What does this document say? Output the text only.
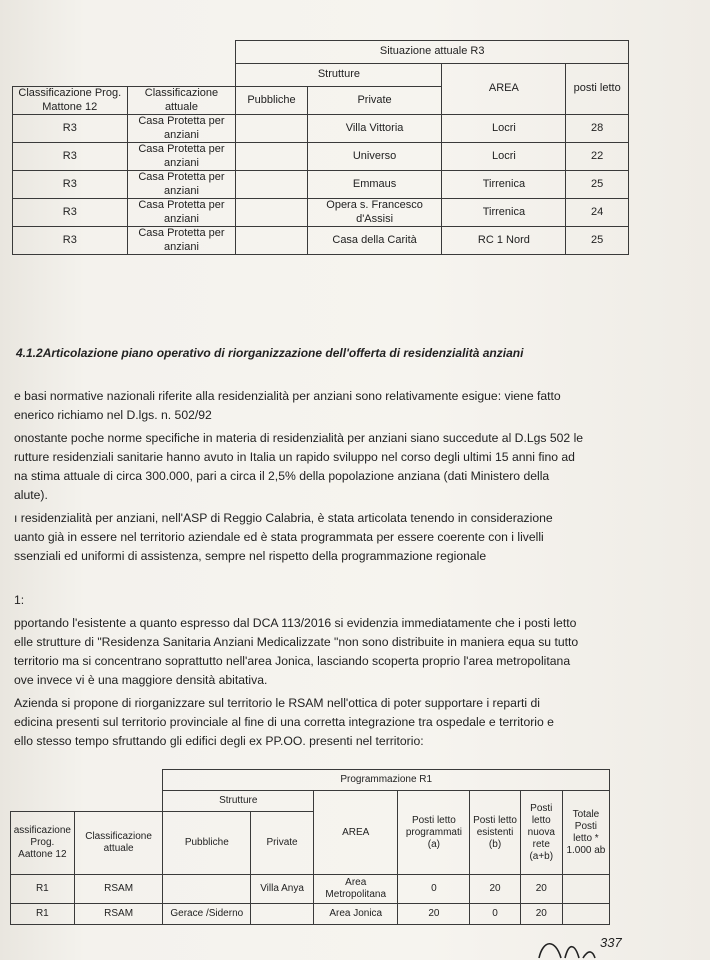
		Situazione attuale R3			
		Strutture		AREA	posti letto
Classificazione Prog. Mattone 12	Classificazione attuale	Pubbliche	Private		
R3	Casa Protetta per anziani		Villa Vittoria	Locri	28
R3	Casa Protetta per anziani		Universo	Locri	22
R3	Casa Protetta per anziani		Emmaus	Tirrenica	25
R3	Casa Protetta per anziani		Opera s. Francesco d'Assisi	Tirrenica	24
R3	Casa Protetta per anziani		Casa della Carità	RC 1 Nord	25
4.1.2Articolazione piano operativo di riorganizzazione dell'offerta di residenzialità anziani

e basi normative nazionali riferite alla residenzialità per anziani sono relativamente esigue: viene fatto

enerico richiamo nel D.lgs. n. 502/92

onostante poche norme specifiche in materia di residenzialità per anziani siano succedute al D.Lgs 502 le

rutture residenziali sanitarie hanno avuto in Italia un rapido sviluppo nel corso degli ultimi 15 anni fino ad

na stima attuale di circa 300.000, pari a circa il 2,5% della popolazione anziana (dati Ministero della

alute).

ı residenzialità per anziani, nell'ASP di Reggio Calabria, è stata articolata tenendo in considerazione

uanto già in essere nel territorio aziendale ed è stata programmata per essere coerente con i livelli

ssenziali ed uniformi di assistenza, sempre nel rispetto della programmazione regionale

1:

pportando l'esistente a quanto espresso dal DCA 113/2016 si evidenzia immediatamente che i posti letto

elle strutture di "Residenza Sanitaria Anziani Medicalizzate "non sono distribuite in maniera equa su tutto

territorio ma si concentrano soprattutto nell'area Jonica, lasciando scoperta proprio l'area metropolitana

ove invece vi è una maggiore densità abitativa.

Azienda si propone di riorganizzare sul territorio le RSAM nell'ottica di poter supportare i reparti di

edicina presenti sul territorio provinciale al fine di una corretta integrazione tra ospedale e territorio e

ello stesso tempo sfruttando gli edifici degli ex PP.OO. presenti nel territorio:

		Programmazione R1						
		Strutture		AREA	Posti letto programmati (a)	Posti letto esistenti (b)	Posti letto nuova rete (a+b)	Totale Posti letto * 1.000 ab
assificazione Prog. Aattone 12	Classificazione attuale	Pubbliche	Private					
R1	RSAM		Villa Anya	Area Metropolitana	0	20	20	
R1	RSAM	Gerace /Siderno		Area Jonica	20	0	20	
337
